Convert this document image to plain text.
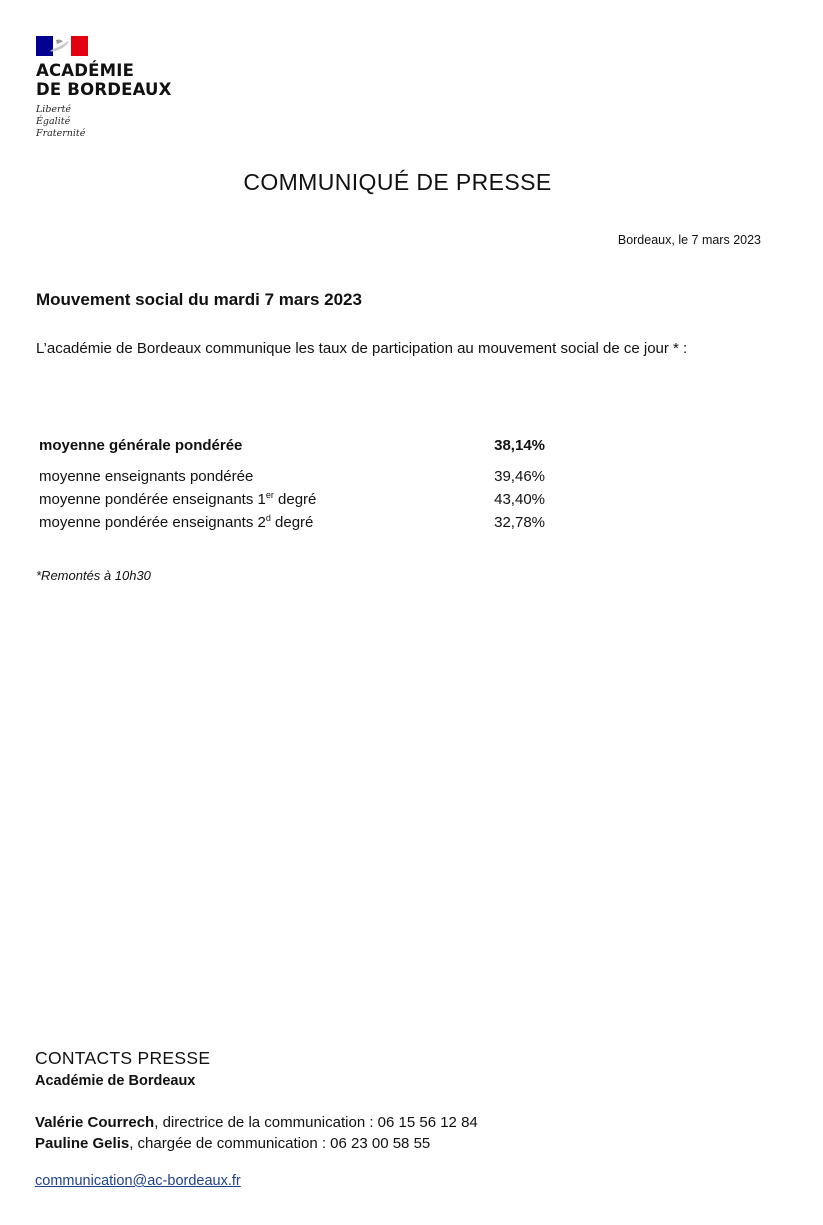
ACADÉMIE
DE BORDEAUX
Liberté
Égalité
Fraternité
COMMUNIQUÉ DE PRESSE
Bordeaux, le 7 mars 2023
Mouvement social du mardi 7 mars 2023
L’académie de Bordeaux communique les taux de participation au mouvement social de ce jour * :
moyenne générale pondérée	38,14%
moyenne enseignants pondérée	39,46%
moyenne pondérée enseignants 1er degré	43,40%
moyenne pondérée enseignants 2$^d$ degré	32,78%
*Remontés à 10h30
CONTACTS PRESSE
Académie de Bordeaux
Valérie Courrech, directrice de la communication : 06 15 56 12 84
Pauline Gelis, chargée de communication : 06 23 00 58 55
communication@ac-bordeaux.fr
